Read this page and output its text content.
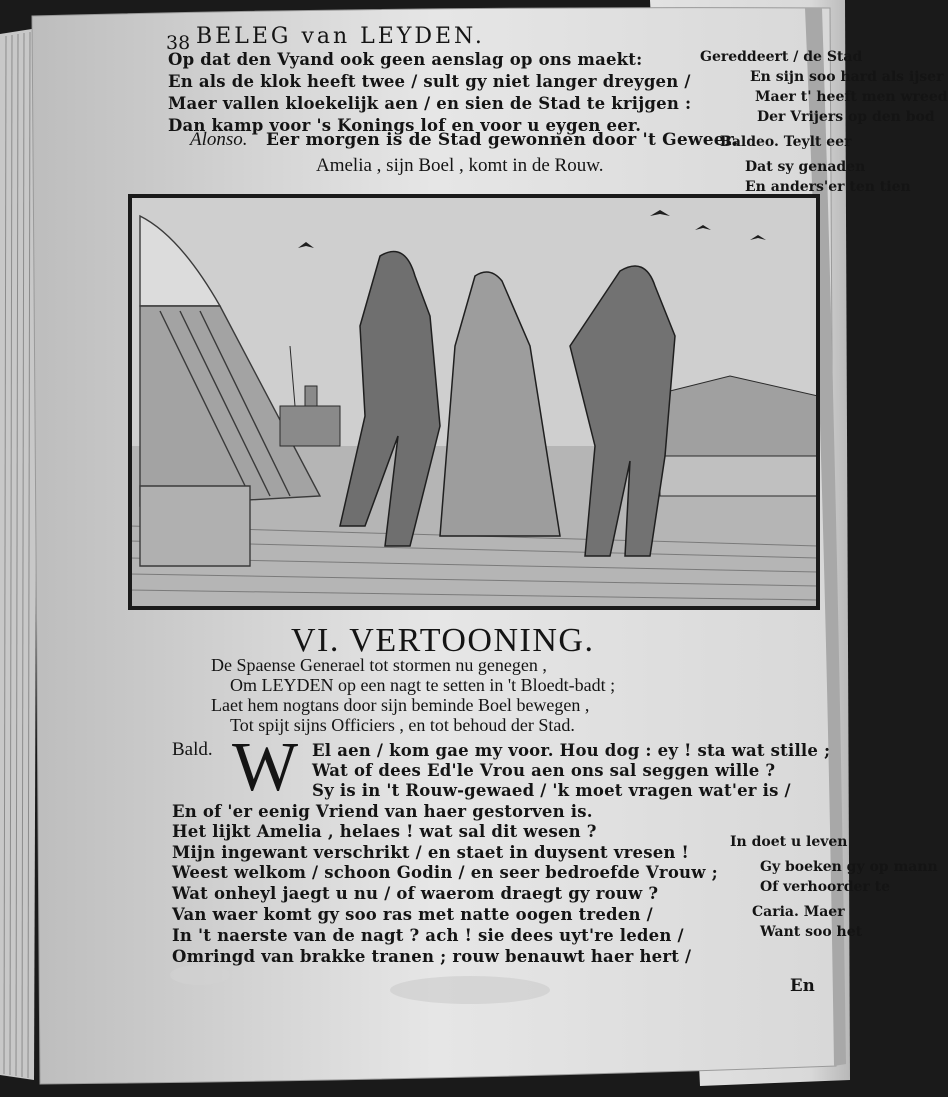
38 BELEG van LEYDEN.
Op dat den Vyand ook geen aenslag op ons maekt:
En als de klok heeft twee / sult gy niet langer dreygen /
Maer vallen kloekelijk aen / en sien de Stad te krijgen :
Dan kamp voor 's Konings lof en voor u eygen eer.
Alonso. Eer morgen is de Stad gewonnen door 't Geweer.
Amelia , sijn Boel , komt in de Rouw.
VI. VERTOONING.
De Spaense Generael tot stormen nu genegen ,
Om LEYDEN op een nagt te setten in 't Bloedt-badt ;
Laet hem nogtans door sijn beminde Boel bewegen ,
Tot spijt sijns Officiers , en tot behoud der Stad.
Bald. W El aen / kom gae my voor. Hou dog : ey ! sta wat stille ;
Wat of dees Ed'le Vrou aen ons sal seggen wille ?
Sy is in 't Rouw-gewaed / 'k moet vragen wat'er is /
En of 'er eenig Vriend van haer gestorven is.
Het lijkt Amelia , helaes ! wat sal dit wesen ?
Mijn ingewant verschrikt / en staet in duysent vresen !
Weest welkom / schoon Godin / en seer bedroefde Vrouw ;
Wat onheyl jaegt u nu / of waerom draegt gy rouw ?
Van waer komt gy soo ras met natte oogen treden /
In 't naerste van de nagt ? ach ! sie dees uyt're leden /
Omringd van brakke tranen ; rouw benauwt haer hert /
En
Gereddeert / de Stad
En sijn soo hard als ijser
Maer t' heeft men wreed
Der Vrijers op den bod
Baldeo. Teylt eer
Dat sy genaden
En anders'er ten tien
In doet u leven
Gy boeken gy op mann
Of verhoorder te
Caria. Maer
Want soo het
